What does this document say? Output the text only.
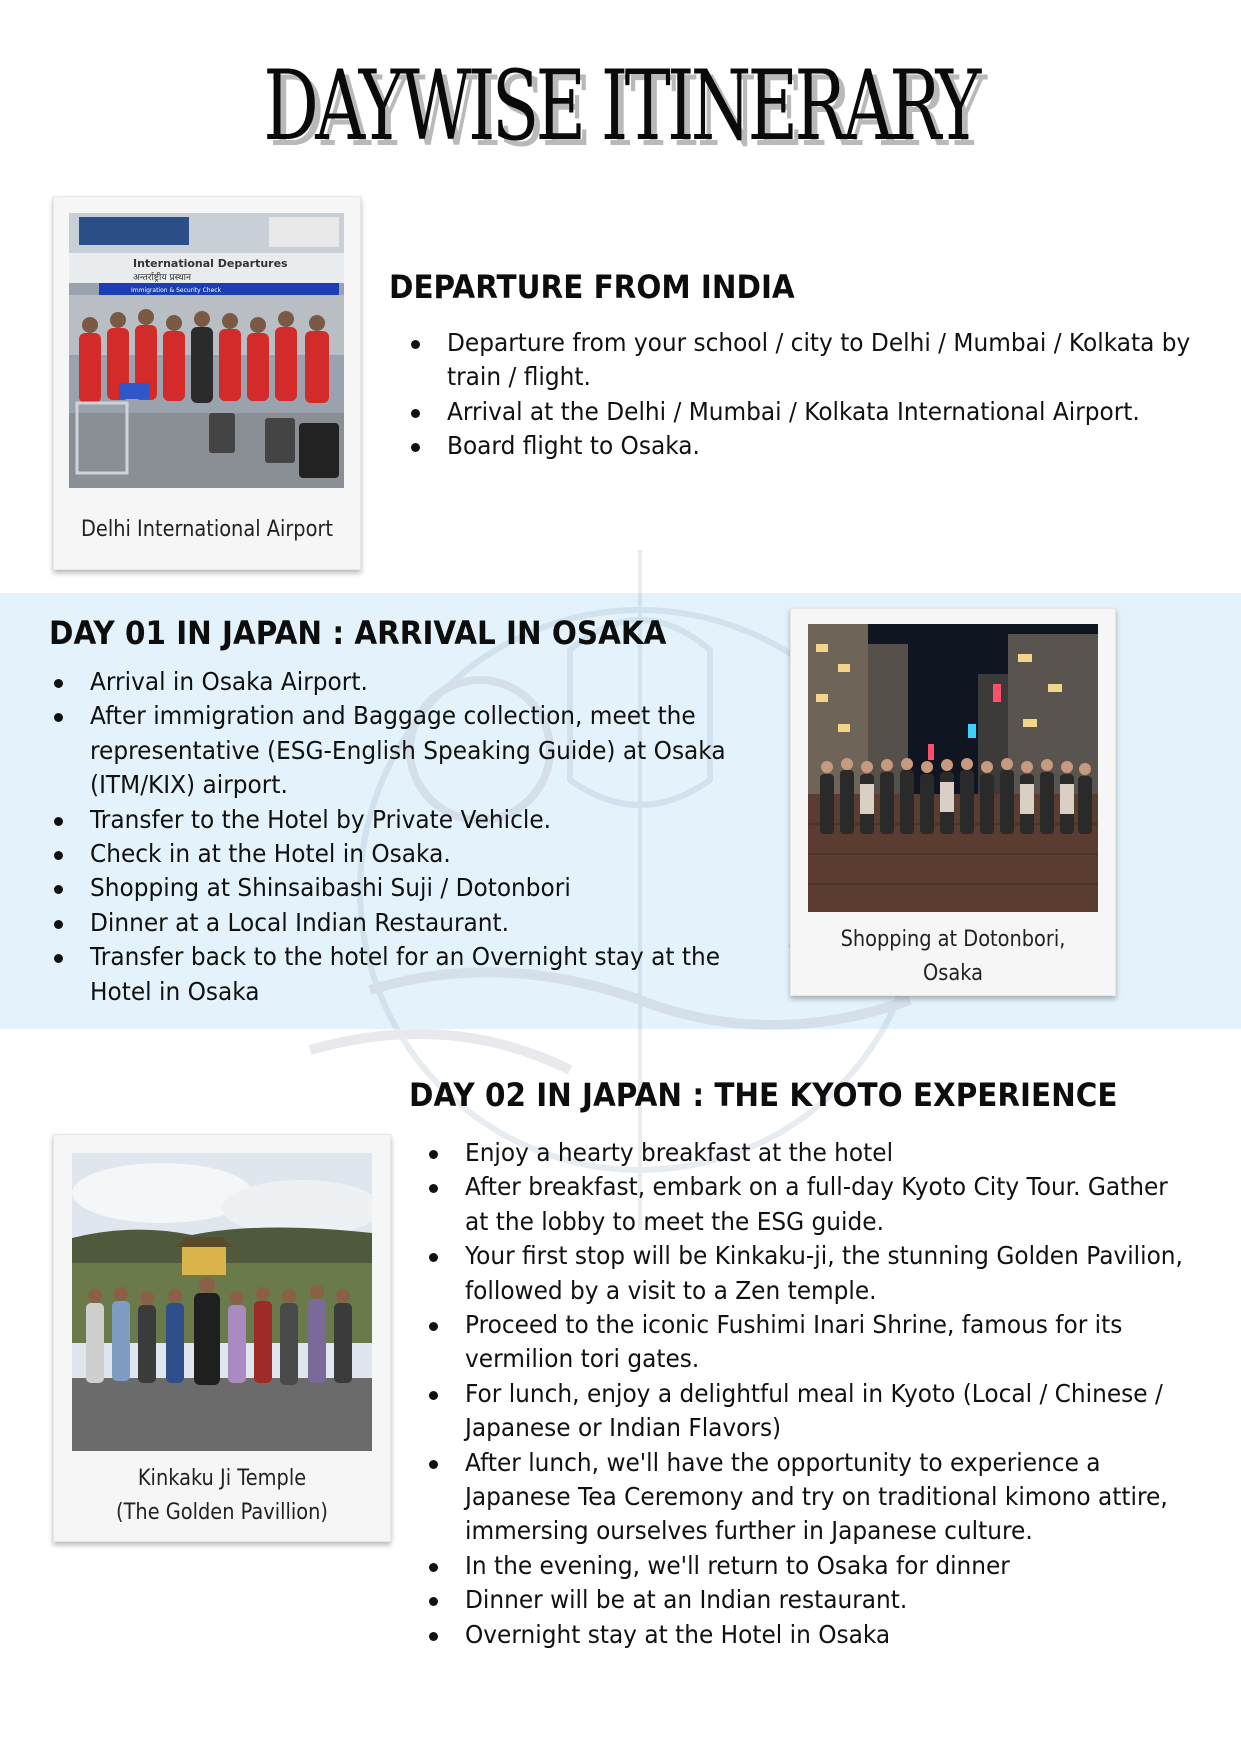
DAYWISE ITINERARY
International Departures
अन्तर्राष्ट्रीय प्रस्थान
Immigration & Security Check
Delhi International Airport
DEPARTURE FROM INDIA
Departure from your school / city to Delhi / Mumbai / Kolkata by train / flight.
Arrival at the Delhi / Mumbai / Kolkata International Airport.
Board flight to Osaka.
DAY 01 IN JAPAN : ARRIVAL IN OSAKA
Arrival in Osaka Airport.
After immigration and Baggage collection, meet the representative (ESG-English Speaking Guide) at Osaka (ITM/KIX) airport.
Transfer to the Hotel by Private Vehicle.
Check in at the Hotel in Osaka.
Shopping at Shinsaibashi Suji / Dotonbori
Dinner at a Local Indian Restaurant.
Transfer back to the hotel for an Overnight stay at the Hotel in Osaka
Shopping at Dotonbori, Osaka
DAY 02 IN JAPAN : THE KYOTO EXPERIENCE
Kinkaku Ji Temple
(The Golden Pavillion)
Enjoy a hearty breakfast at the hotel
After breakfast, embark on a full-day Kyoto City Tour. Gather at the lobby to meet the ESG guide.
Your first stop will be Kinkaku-ji, the stunning Golden Pavilion, followed by a visit to a Zen temple.
Proceed to the iconic Fushimi Inari Shrine, famous for its vermilion tori gates.
For lunch, enjoy a delightful meal in Kyoto (Local / Chinese / Japanese or Indian Flavors)
After lunch, we'll have the opportunity to experience a Japanese Tea Ceremony and try on traditional kimono attire, immersing ourselves further in Japanese culture.
In the evening, we'll return to Osaka for dinner
Dinner will be at an Indian restaurant.
Overnight stay at the Hotel in Osaka
